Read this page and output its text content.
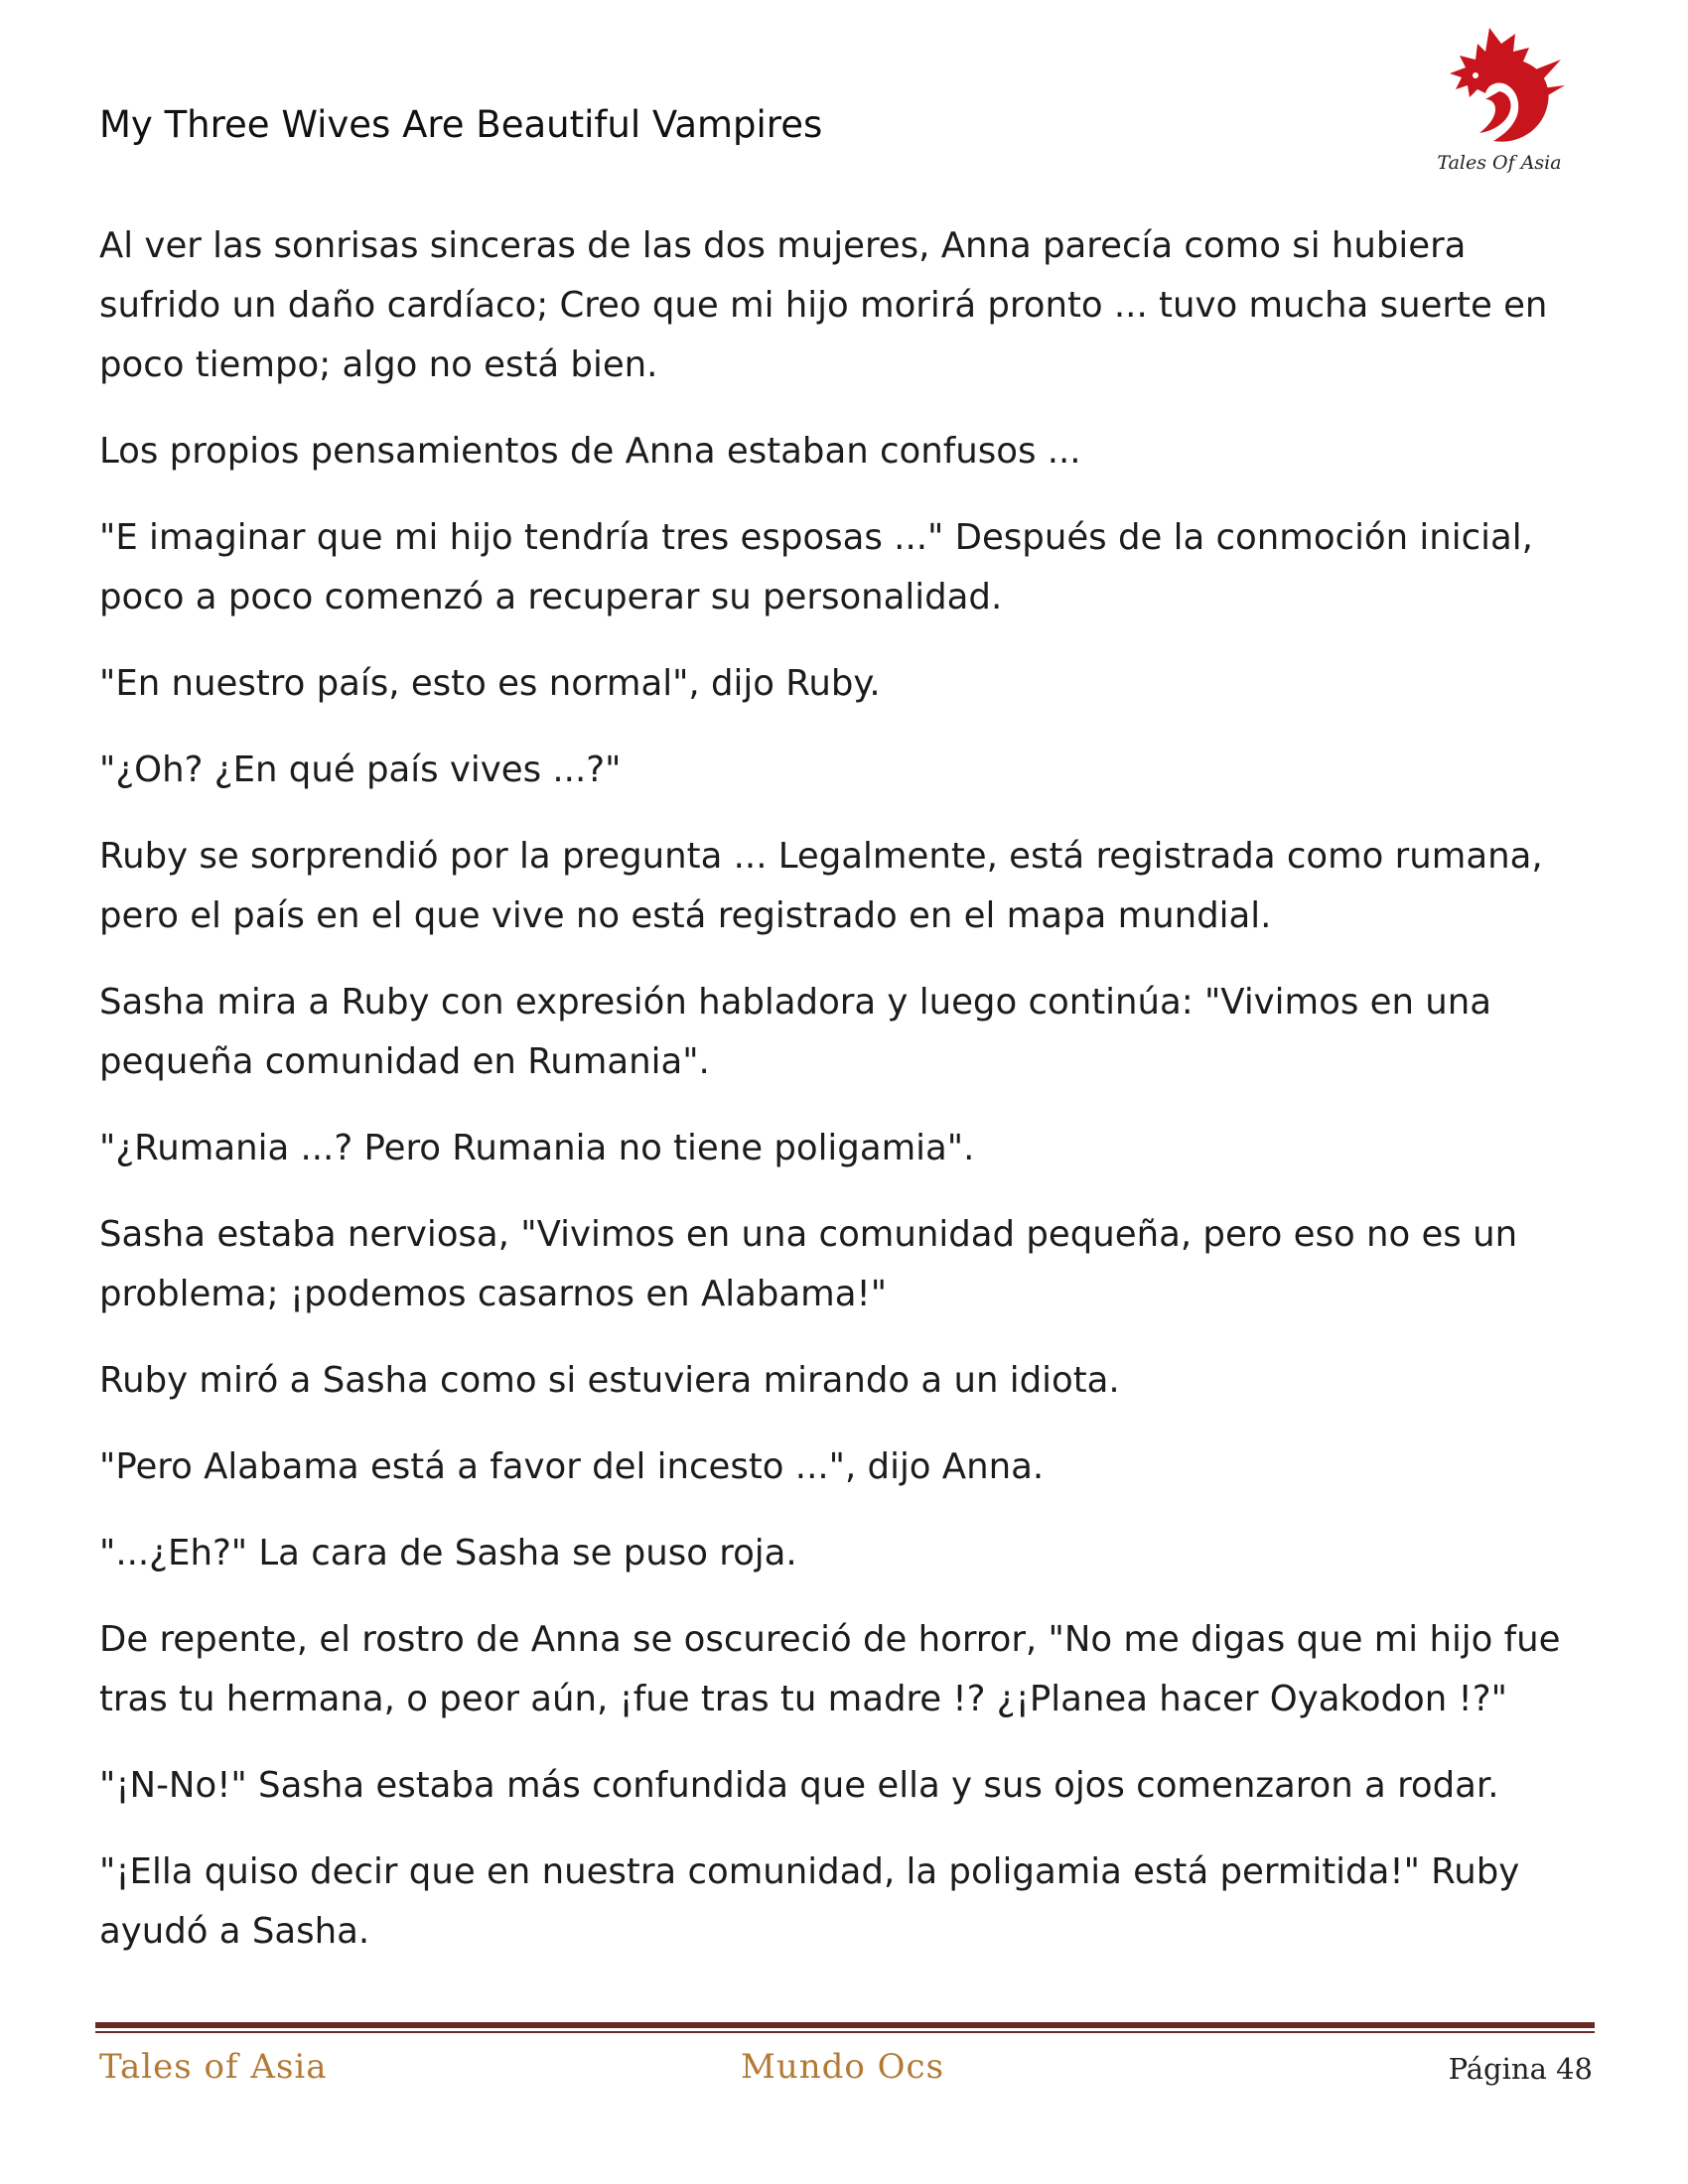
My Three Wives Are Beautiful Vampires
Tales Of Asia

Al ver las sonrisas sinceras de las dos mujeres, Anna parecía como si hubiera sufrido un daño cardíaco; Creo que mi hijo morirá pronto ... tuvo mucha suerte en poco tiempo; algo no está bien.

Los propios pensamientos de Anna estaban confusos ...

"E imaginar que mi hijo tendría tres esposas ..." Después de la conmoción inicial, poco a poco comenzó a recuperar su personalidad.

"En nuestro país, esto es normal", dijo Ruby.

"¿Oh? ¿En qué país vives ...?"

Ruby se sorprendió por la pregunta ... Legalmente, está registrada como rumana, pero el país en el que vive no está registrado en el mapa mundial.

Sasha mira a Ruby con expresión habladora y luego continúa: "Vivimos en una pequeña comunidad en Rumania".

"¿Rumania ...? Pero Rumania no tiene poligamia".

Sasha estaba nerviosa, "Vivimos en una comunidad pequeña, pero eso no es un problema; ¡podemos casarnos en Alabama!"

Ruby miró a Sasha como si estuviera mirando a un idiota.

"Pero Alabama está a favor del incesto ...", dijo Anna.

"...¿Eh?" La cara de Sasha se puso roja.

De repente, el rostro de Anna se oscureció de horror, "No me digas que mi hijo fue tras tu hermana, o peor aún, ¡fue tras tu madre !? ¿¡Planea hacer Oyakodon !?"

"¡N-No!" Sasha estaba más confundida que ella y sus ojos comenzaron a rodar.

"¡Ella quiso decir que en nuestra comunidad, la poligamia está permitida!" Ruby ayudó a Sasha.

Tales of Asia	Mundo Ocs	Página 48
